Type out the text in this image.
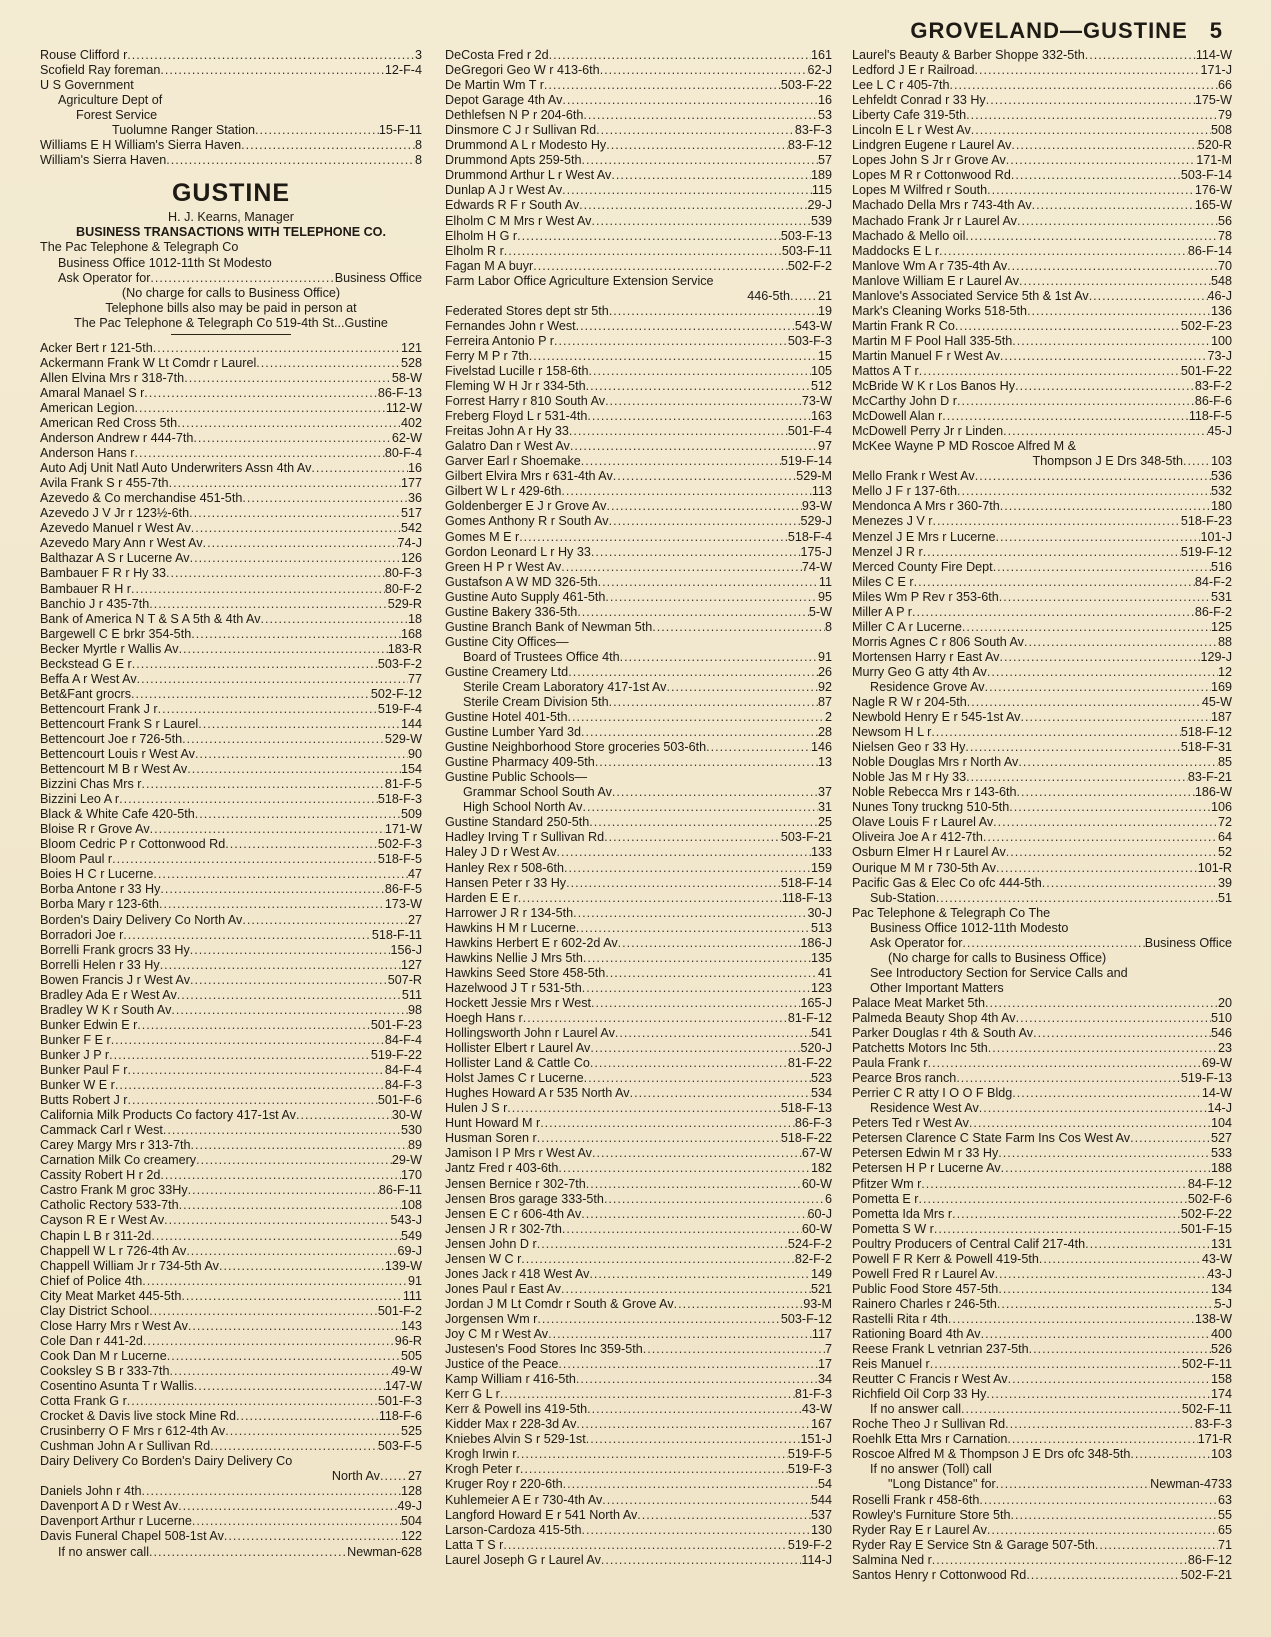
GROVELAND—GUSTINE 5
Rouse Clifford r .....	3
Scofield Ray foreman .....	12-F-4
U S Government
Agriculture Dept of
Forest Service
Tuolumne Ranger Station .....	15-F-11
Williams E H William's Sierra Haven .....	8
William's Sierra Haven .....	8
GUSTINE
H. J. Kearns, Manager
BUSINESS TRANSACTIONS WITH TELEPHONE CO.
The Pac Telephone & Telegraph Co
Business Office 1012-11th St Modesto
Ask Operator for .....	Business Office
(No charge for calls to Business Office)
Telephone bills also may be paid in person at
The Pac Telephone & Telegraph Co 519-4th St...Gustine
Acker Bert r 121-5th .....	121
Ackermann Frank W Lt Comdr r Laurel .....	528
Allen Elvina Mrs r 318-7th .....	58-W
Amaral Manael S r .....	86-F-13
American Legion .....	112-W
American Red Cross 5th .....	402
Anderson Andrew r 444-7th .....	62-W
Anderson Hans r .....	80-F-4
Auto Adj Unit Natl Auto Underwriters Assn 4th Av .....	16
Avila Frank S r 455-7th .....	177
Azevedo & Co merchandise 451-5th .....	36
Azevedo J V Jr r 123½-6th .....	517
Azevedo Manuel r West Av .....	542
Azevedo Mary Ann r West Av .....	74-J
Balthazar A S r Lucerne Av .....	126
Bambauer F R r Hy 33 .....	80-F-3
Bambauer R H r .....	80-F-2
Banchio J r 435-7th .....	529-R
Bank of America N T & S A 5th & 4th Av .....	18
Bargewell C E brkr 354-5th .....	168
Becker Myrtle r Wallis Av .....	183-R
Beckstead G E r .....	503-F-2
Beffa A r West Av .....	77
Bet&Fant grocrs .....	502-F-12
Bettencourt Frank J r .....	519-F-4
Bettencourt Frank S r Laurel .....	144
Bettencourt Joe r 726-5th .....	529-W
Bettencourt Louis r West Av .....	90
Bettencourt M B r West Av .....	154
Bizzini Chas Mrs r .....	81-F-5
Bizzini Leo A r .....	518-F-3
Black & White Cafe 420-5th .....	509
Bloise R r Grove Av .....	171-W
Bloom Cedric P r Cottonwood Rd .....	502-F-3
Bloom Paul r .....	518-F-5
Boies H C r Lucerne .....	47
Borba Antone r 33 Hy .....	86-F-5
Borba Mary r 123-6th .....	173-W
Borden's Dairy Delivery Co North Av .....	27
Borradori Joe r .....	518-F-11
Borrelli Frank grocrs 33 Hy .....	156-J
Borrelli Helen r 33 Hy .....	127
Bowen Francis J r West Av .....	507-R
Bradley Ada E r West Av .....	511
Bradley W K r South Av .....	98
Bunker Edwin E r .....	501-F-23
Bunker F E r .....	84-F-4
Bunker J P r .....	519-F-22
Bunker Paul F r .....	84-F-4
Bunker W E r .....	84-F-3
Butts Robert J r .....	501-F-6
California Milk Products Co factory 417-1st Av .....	30-W
Cammack Carl r West .....	530
Carey Margy Mrs r 313-7th .....	89
Carnation Milk Co creamery .....	29-W
Cassity Robert H r 2d .....	170
Castro Frank M groc 33Hy .....	86-F-11
Catholic Rectory 533-7th .....	108
Cayson R E r West Av .....	543-J
Chapin L B r 311-2d .....	549
Chappell W L r 726-4th Av .....	69-J
Chappell William Jr r 734-5th Av .....	139-W
Chief of Police 4th .....	91
City Meat Market 445-5th .....	111
Clay District School .....	501-F-2
Close Harry Mrs r West Av .....	143
Cole Dan r 441-2d .....	96-R
Cook Dan M r Lucerne .....	505
Cooksley S B r 333-7th .....	49-W
Cosentino Asunta T r Wallis .....	147-W
Cotta Frank G r .....	501-F-3
Crocket & Davis live stock Mine Rd .....	118-F-6
Crusinberry O F Mrs r 612-4th Av .....	525
Cushman John A r Sullivan Rd .....	503-F-5
Dairy Delivery Co Borden's Dairy Delivery Co
North Av ..... 27
Daniels John r 4th .....	128
Davenport A D r West Av .....	49-J
Davenport Arthur r Lucerne .....	504
Davis Funeral Chapel 508-1st Av .....	122
If no answer call .....	Newman-628
DeCosta Fred r 2d .....	161
DeGregori Geo W r 413-6th .....	62-J
De Martin Wm T r .....	503-F-22
Depot Garage 4th Av .....	16
Dethlefsen N P r 204-6th .....	53
Dinsmore C J r Sullivan Rd .....	83-F-3
Drummond A L r Modesto Hy .....	83-F-12
Drummond Apts 259-5th .....	57
Drummond Arthur L r West Av .....	189
Dunlap A J r West Av .....	115
Edwards R F r South Av .....	29-J
Elholm C M Mrs r West Av .....	539
Elholm H G r .....	503-F-13
Elholm R r .....	503-F-11
Fagan M A buyr .....	502-F-2
Farm Labor Office Agriculture Extension Service
446-5th ..... 21
Federated Stores dept str 5th .....	19
Fernandes John r West .....	543-W
Ferreira Antonio P r .....	503-F-3
Ferry M P r 7th .....	15
Fivelstad Lucille r 158-6th .....	105
Fleming W H Jr r 334-5th .....	512
Forrest Harry r 810 South Av .....	73-W
Freberg Floyd L r 531-4th .....	163
Freitas John A r Hy 33 .....	501-F-4
Galatro Dan r West Av .....	97
Garver Earl r Shoemake .....	519-F-14
Gilbert Elvira Mrs r 631-4th Av .....	529-M
Gilbert W L r 429-6th .....	113
Goldenberger E J r Grove Av .....	93-W
Gomes Anthony R r South Av .....	529-J
Gomes M E r .....	518-F-4
Gordon Leonard L r Hy 33 .....	175-J
Green H P r West Av .....	74-W
Gustafson A W MD 326-5th .....	11
Gustine Auto Supply 461-5th .....	95
Gustine Bakery 336-5th .....	5-W
Gustine Branch Bank of Newman 5th .....	8
Gustine City Offices—
Board of Trustees Office 4th .....	91
Gustine Creamery Ltd .....	26
Sterile Cream Laboratory 417-1st Av .....	92
Sterile Cream Division 5th .....	87
Gustine Hotel 401-5th .....	2
Gustine Lumber Yard 3d .....	28
Gustine Neighborhood Store groceries 503-6th .....	146
Gustine Pharmacy 409-5th .....	13
Gustine Public Schools—
Grammar School South Av .....	37
High School North Av .....	31
Gustine Standard 250-5th .....	25
Hadley Irving T r Sullivan Rd .....	503-F-21
Haley J D r West Av .....	133
Hanley Rex r 508-6th .....	159
Hansen Peter r 33 Hy .....	518-F-14
Harden E E r .....	118-F-13
Harrower J R r 134-5th .....	30-J
Hawkins H M r Lucerne .....	513
Hawkins Herbert E r 602-2d Av .....	186-J
Hawkins Nellie J Mrs 5th .....	135
Hawkins Seed Store 458-5th .....	41
Hazelwood J T r 531-5th .....	123
Hockett Jessie Mrs r West .....	165-J
Hoegh Hans r .....	81-F-12
Hollingsworth John r Laurel Av .....	541
Hollister Elbert r Laurel Av .....	520-J
Hollister Land & Cattle Co .....	81-F-22
Holst James C r Lucerne .....	523
Hughes Howard A r 535 North Av .....	534
Hulen J S r .....	518-F-13
Hunt Howard M r .....	86-F-3
Husman Soren r .....	518-F-22
Jamison I P Mrs r West Av .....	67-W
Jantz Fred r 403-6th .....	182
Jensen Bernice r 302-7th .....	60-W
Jensen Bros garage 333-5th .....	6
Jensen E C r 606-4th Av .....	60-J
Jensen J R r 302-7th .....	60-W
Jensen John D r .....	524-F-2
Jensen W C r .....	82-F-2
Jones Jack r 418 West Av .....	149
Jones Paul r East Av .....	521
Jordan J M Lt Comdr r South & Grove Av .....	93-M
Jorgensen Wm r .....	503-F-12
Joy C M r West Av .....	117
Justesen's Food Stores Inc 359-5th .....	7
Justice of the Peace .....	17
Kamp William r 416-5th .....	34
Kerr G L r .....	81-F-3
Kerr & Powell ins 419-5th .....	43-W
Kidder Max r 228-3d Av .....	167
Kniebes Alvin S r 529-1st .....	151-J
Krogh Irwin r .....	519-F-5
Krogh Peter r .....	519-F-3
Kruger Roy r 220-6th .....	54
Kuhlemeier A E r 730-4th Av .....	544
Langford Howard E r 541 North Av .....	537
Larson-Cardoza 415-5th .....	130
Latta T S r .....	519-F-2
Laurel Joseph G r Laurel Av .....	114-J
Laurel's Beauty & Barber Shoppe 332-5th .....	114-W
Ledford J E r Railroad .....	171-J
Lee L C r 405-7th .....	66
Lehfeldt Conrad r 33 Hy .....	175-W
Liberty Cafe 319-5th .....	79
Lincoln E L r West Av .....	508
Lindgren Eugene r Laurel Av .....	520-R
Lopes John S Jr r Grove Av .....	171-M
Lopes M R r Cottonwood Rd .....	503-F-14
Lopes M Wilfred r South .....	176-W
Machado Della Mrs r 743-4th Av .....	165-W
Machado Frank Jr r Laurel Av .....	56
Machado & Mello oil .....	78
Maddocks E L r .....	86-F-14
Manlove Wm A r 735-4th Av .....	70
Manlove William E r Laurel Av .....	548
Manlove's Associated Service 5th & 1st Av .....	46-J
Mark's Cleaning Works 518-5th .....	136
Martin Frank R Co .....	502-F-23
Martin M F Pool Hall 335-5th .....	100
Martin Manuel F r West Av .....	73-J
Mattos A T r .....	501-F-22
McBride W K r Los Banos Hy .....	83-F-2
McCarthy John D r .....	86-F-6
McDowell Alan r .....	118-F-5
McDowell Perry Jr r Linden .....	45-J
McKee Wayne P MD Roscoe Alfred M &
Thompson J E Drs 348-5th ..... 103
Mello Frank r West Av .....	536
Mello J F r 137-6th .....	532
Mendonca A Mrs r 360-7th .....	180
Menezes J V r .....	518-F-23
Menzel J E Mrs r Lucerne .....	101-J
Menzel J R r .....	519-F-12
Merced County Fire Dept .....	516
Miles C E r .....	84-F-2
Miles Wm P Rev r 353-6th .....	531
Miller A P r .....	86-F-2
Miller C A r Lucerne .....	125
Morris Agnes C r 806 South Av .....	88
Mortensen Harry r East Av .....	129-J
Murry Geo G atty 4th Av .....	12
Residence Grove Av .....	169
Nagle R W r 204-5th .....	45-W
Newbold Henry E r 545-1st Av .....	187
Newsom H L r .....	518-F-12
Nielsen Geo r 33 Hy .....	518-F-31
Noble Douglas Mrs r North Av .....	85
Noble Jas M r Hy 33 .....	83-F-21
Noble Rebecca Mrs r 143-6th .....	186-W
Nunes Tony truckng 510-5th .....	106
Olave Louis F r Laurel Av .....	72
Oliveira Joe A r 412-7th .....	64
Osburn Elmer H r Laurel Av .....	52
Ourique M M r 730-5th Av .....	101-R
Pacific Gas & Elec Co ofc 444-5th .....	39
Sub-Station .....	51
Pac Telephone & Telegraph Co The
Business Office 1012-11th Modesto
Ask Operator for .....	Business Office
(No charge for calls to Business Office)
See Introductory Section for Service Calls and
Other Important Matters
Palace Meat Market 5th .....	20
Palmeda Beauty Shop 4th Av .....	510
Parker Douglas r 4th & South Av .....	546
Patchetts Motors Inc 5th .....	23
Paula Frank r .....	69-W
Pearce Bros ranch .....	519-F-13
Perrier C R atty I O O F Bldg .....	14-W
Residence West Av .....	14-J
Peters Ted r West Av .....	104
Petersen Clarence C State Farm Ins Cos West Av .....	527
Petersen Edwin M r 33 Hy .....	533
Petersen H P r Lucerne Av .....	188
Pfitzer Wm r .....	84-F-12
Pometta E r .....	502-F-6
Pometta Ida Mrs r .....	502-F-22
Pometta S W r .....	501-F-15
Poultry Producers of Central Calif 217-4th .....	131
Powell F R Kerr & Powell 419-5th .....	43-W
Powell Fred R r Laurel Av .....	43-J
Public Food Store 457-5th .....	134
Rainero Charles r 246-5th .....	5-J
Rastelli Rita r 4th .....	138-W
Rationing Board 4th Av .....	400
Reese Frank L vetnrian 237-5th .....	526
Reis Manuel r .....	502-F-11
Reutter C Francis r West Av .....	158
Richfield Oil Corp 33 Hy .....	174
If no answer call .....	502-F-11
Roche Theo J r Sullivan Rd .....	83-F-3
Roehlk Etta Mrs r Carnation .....	171-R
Roscoe Alfred M & Thompson J E Drs ofc 348-5th .....	103
If no answer (Toll) call
"Long Distance" for .....	Newman-4733
Roselli Frank r 458-6th .....	63
Rowley's Furniture Store 5th .....	55
Ryder Ray E r Laurel Av .....	65
Ryder Ray E Service Stn & Garage 507-5th .....	71
Salmina Ned r .....	86-F-12
Santos Henry r Cottonwood Rd .....	502-F-21
